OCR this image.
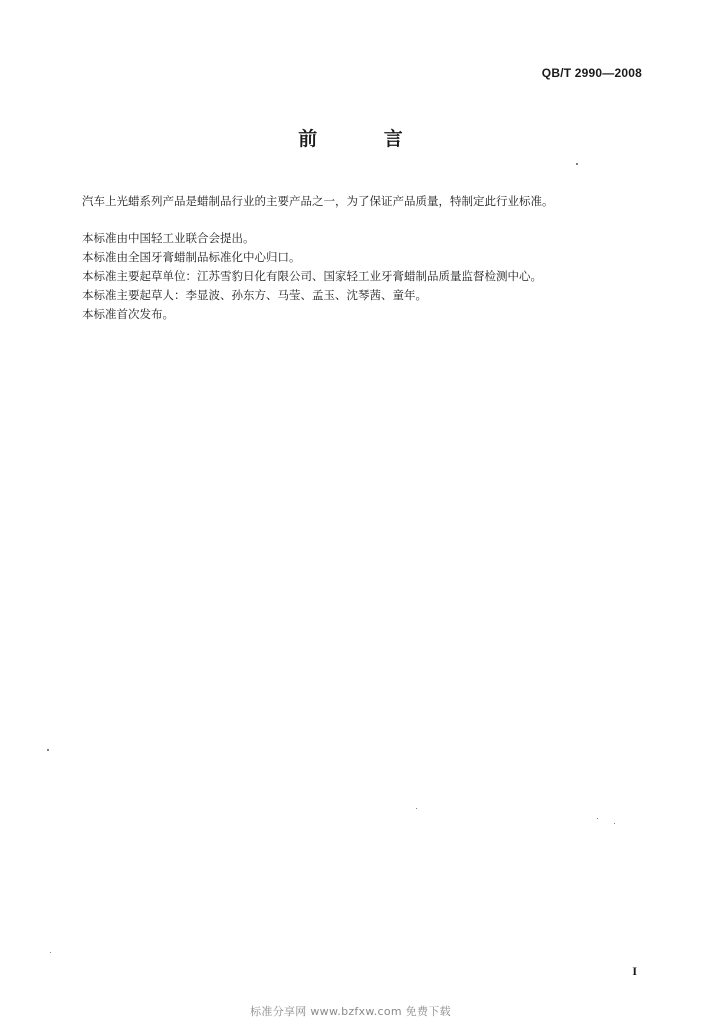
QB/T 2990—2008
前 言
汽车上光蜡系列产品是蜡制品行业的主要产品之一，为了保证产品质量，特制定此行业标准。

本标准由中国轻工业联合会提出。

本标准由全国牙膏蜡制品标准化中心归口。

本标准主要起草单位：江苏雪豹日化有限公司、国家轻工业牙膏蜡制品质量监督检测中心。

本标准主要起草人：李显波、孙东方、马莹、孟玉、沈琴茜、童年。

本标准首次发布。

I
标准分享网 www.bzfxw.com 免费下载
